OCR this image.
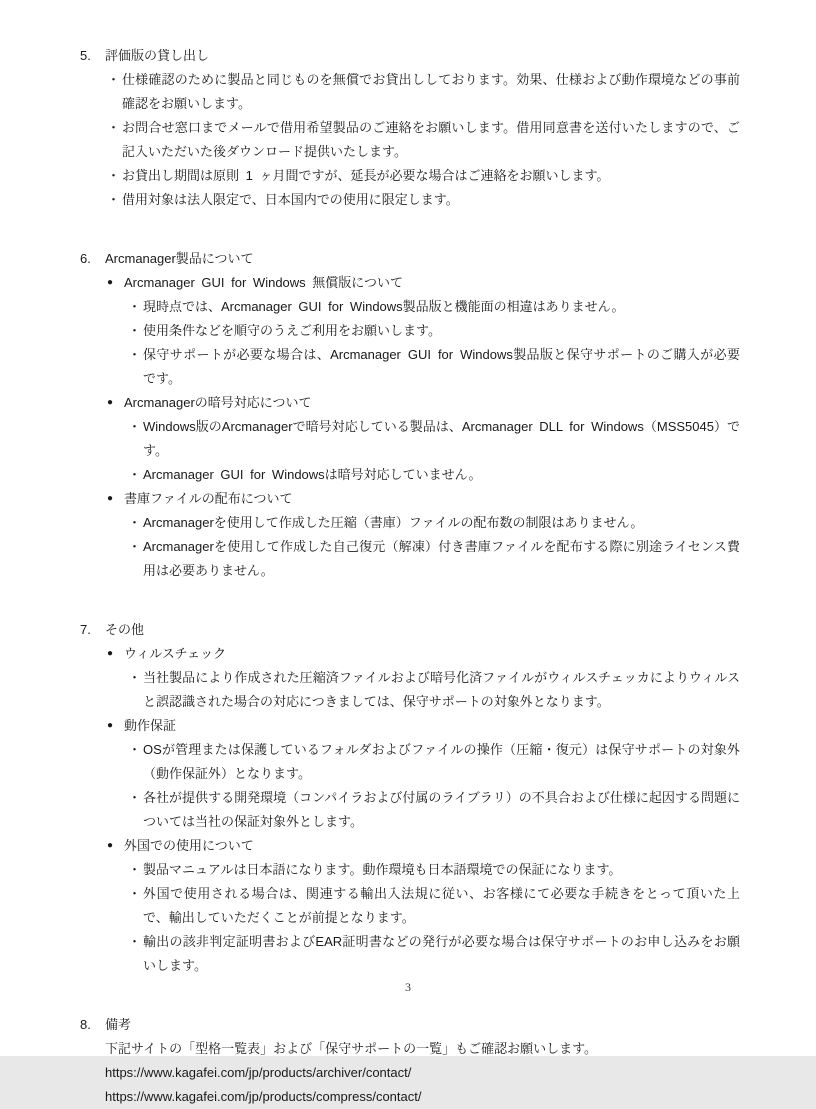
5.	評価版の貸し出し
・ 仕様確認のために製品と同じものを無償でお貸出ししております。効果、仕様および動作環境などの事前確認をお願いします。
・ お問合せ窓口までメールで借用希望製品のご連絡をお願いします。借用同意書を送付いたしますので、ご記入いただいた後ダウンロード提供いたします。
・ お貸出し期間は原則 1 ヶ月間ですが、延長が必要な場合はご連絡をお願いします。
・ 借用対象は法人限定で、日本国内での使用に限定します。
6.	Arcmanager製品について
● Arcmanager GUI for Windows 無償版について
・ 現時点では、Arcmanager GUI for Windows製品版と機能面の相違はありません。
・ 使用条件などを順守のうえご利用をお願いします。
・ 保守サポートが必要な場合は、Arcmanager GUI for Windows製品版と保守サポートのご購入が必要です。
● Arcmanagerの暗号対応について
・ Windows版のArcmanagerで暗号対応している製品は、Arcmanager DLL for Windows（MSS5045）です。
・ Arcmanager GUI for Windowsは暗号対応していません。
● 書庫ファイルの配布について
・ Arcmanagerを使用して作成した圧縮（書庫）ファイルの配布数の制限はありません。
・ Arcmanagerを使用して作成した自己復元（解凍）付き書庫ファイルを配布する際に別途ライセンス費用は必要ありません。
7.	その他
● ウィルスチェック
・ 当社製品により作成された圧縮済ファイルおよび暗号化済ファイルがウィルスチェッカによりウィルスと誤認識された場合の対応につきましては、保守サポートの対象外となります。
● 動作保証
・ OSが管理または保護しているフォルダおよびファイルの操作（圧縮・復元）は保守サポートの対象外（動作保証外）となります。
・ 各社が提供する開発環境（コンパイラおよび付属のライブラリ）の不具合および仕様に起因する問題については当社の保証対象外とします。
● 外国での使用について
・ 製品マニュアルは日本語になります。動作環境も日本語環境での保証になります。
・ 外国で使用される場合は、関連する輸出入法規に従い、お客様にて必要な手続きをとって頂いた上で、輸出していただくことが前提となります。
・ 輸出の該非判定証明書およびEAR証明書などの発行が必要な場合は保守サポートのお申し込みをお願いします。
8.	備考
下記サイトの「型格一覧表」および「保守サポートの一覧」もご確認お願いします。
https://www.kagafei.com/jp/products/archiver/contact/
https://www.kagafei.com/jp/products/compress/contact/
3
